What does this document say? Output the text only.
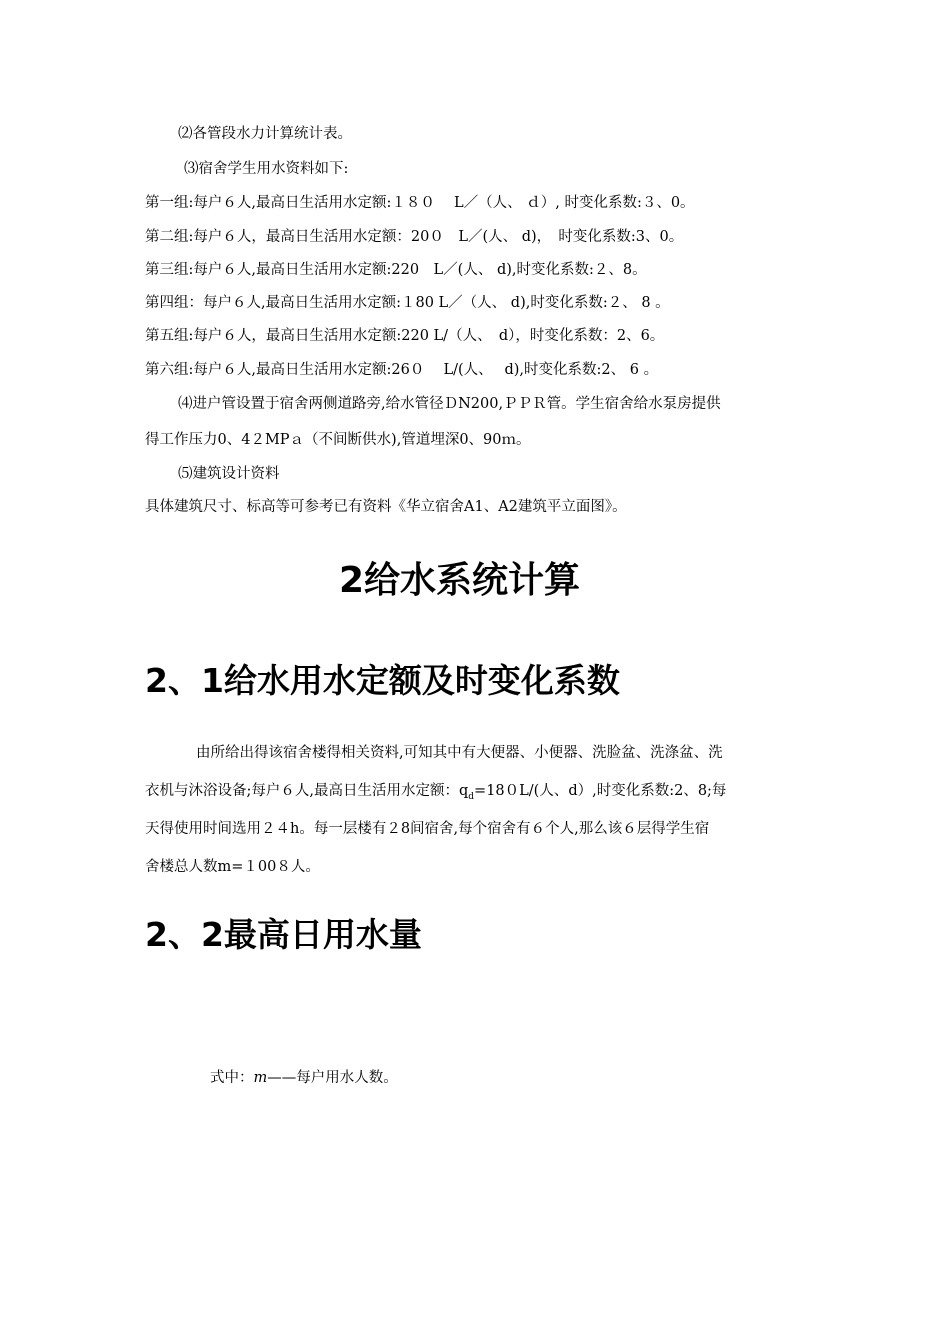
⑵各管段水力计算统计表。
⑶宿舍学生用水资料如下:
第一组:每户６人,最高日生活用水定额:１８０　 L／（人、 ｄ）, 时变化系数:３、0。
第二组:每户６人，最高日生活用水定额：20０　L／(人、 d)，　时变化系数:3、0。
第三组:每户６人,最高日生活用水定额:220　L／(人、 d),时变化系数:２、8。
第四组：每户６人,最高日生活用水定额:１80 L／（人、 d),时变化系数:２、 8 。
第五组:每户６人，最高日生活用水定额:220 L/（人、　d），时变化系数：2、6。
第六组:每户６人,最高日生活用水定额:26０　 L/(人、　 d),时变化系数:2、 6 。
⑷进户管设置于宿舍两侧道路旁,给水管径ＤN200,ＰＰＲ管。学生宿舍给水泵房提供
得工作压力0、4２MPａ（不间断供水),管道埋深0、90ｍ。
⑸建筑设计资料
具体建筑尺寸、标高等可参考已有资料《华立宿舍A1、A2建筑平立面图》。
2给水系统计算
2、1给水用水定额及时变化系数
由所给出得该宿舍楼得相关资料,可知其中有大便器、小便器、洗脸盆、洗涤盆、洗
衣机与沐浴设备;每户６人,最高日生活用水定额：$q_d=180L/$(人、d）,时变化系数:2、8;每
天得使用时间选用２４h。每一层楼有２8间宿舍,每个宿舍有６个人,那么该６层得学生宿
舍楼总人数m=１00８人。
2、2最高日用水量
式中：m——每户用水人数。
